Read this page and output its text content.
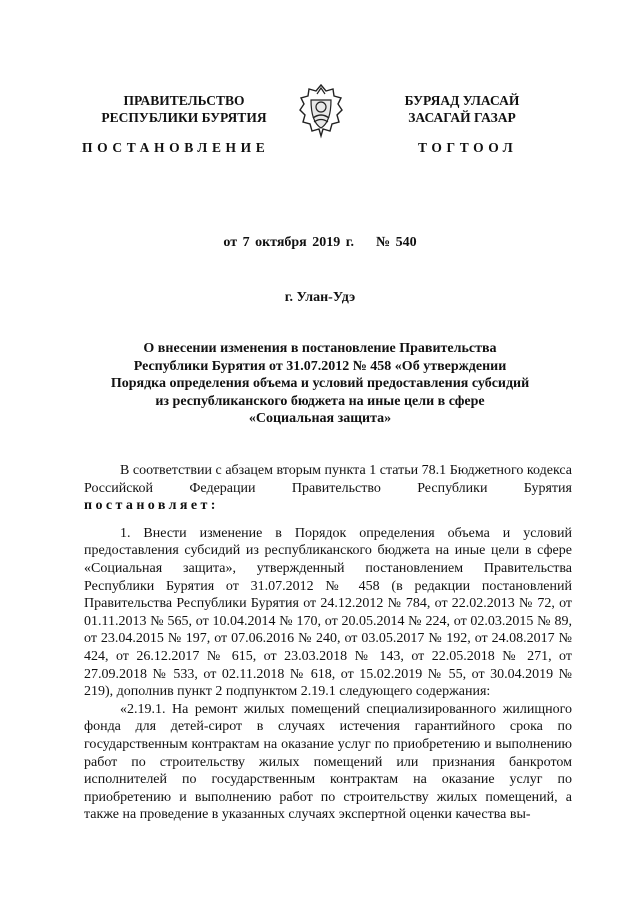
ПРАВИТЕЛЬСТВО
РЕСПУБЛИКИ БУРЯТИЯ
БУРЯАД УЛАСАЙ
ЗАСАГАЙ ГАЗАР
ПОСТАНОВЛЕНИЕ	ТОГТООЛ
от 7 октября 2019 г.    № 540
г. Улан-Удэ
О внесении изменения в постановление Правительства
Республики Бурятия от 31.07.2012 № 458 «Об утверждении
Порядка определения объема и условий предоставления субсидий
из республиканского бюджета на иные цели в сфере
«Социальная защита»

В соответствии с абзацем вторым пункта 1 статьи 78.1 Бюджетного кодекса Российской Федерации Правительство Республики Бурятия постановляет:

1. Внести изменение в Порядок определения объема и условий предоставления субсидий из республиканского бюджета на иные цели в сфере «Социальная защита», утвержденный постановлением Правительства Республики Бурятия от 31.07.2012 № 458 (в редакции постановлений Правительства Республики Бурятия от 24.12.2012 № 784, от 22.02.2013 № 72, от 01.11.2013 № 565, от 10.04.2014 № 170, от 20.05.2014 № 224, от 02.03.2015 № 89, от 23.04.2015 № 197, от 07.06.2016 № 240, от 03.05.2017 № 192, от 24.08.2017 № 424, от 26.12.2017 № 615, от 23.03.2018 № 143, от 22.05.2018 № 271, от 27.09.2018 № 533, от 02.11.2018 № 618, от 15.02.2019 № 55, от 30.04.2019 № 219), дополнив пункт 2 подпунктом 2.19.1 следующего содержания:

«2.19.1. На ремонт жилых помещений специализированного жилищного фонда для детей-сирот в случаях истечения гарантийного срока по государственным контрактам на оказание услуг по приобретению и выполнению работ по строительству жилых помещений или признания банкротом исполнителей по государственным контрактам на оказание услуг по приобретению и выполнению работ по строительству жилых помещений, а также на проведение в указанных случаях экспертной оценки качества вы-
